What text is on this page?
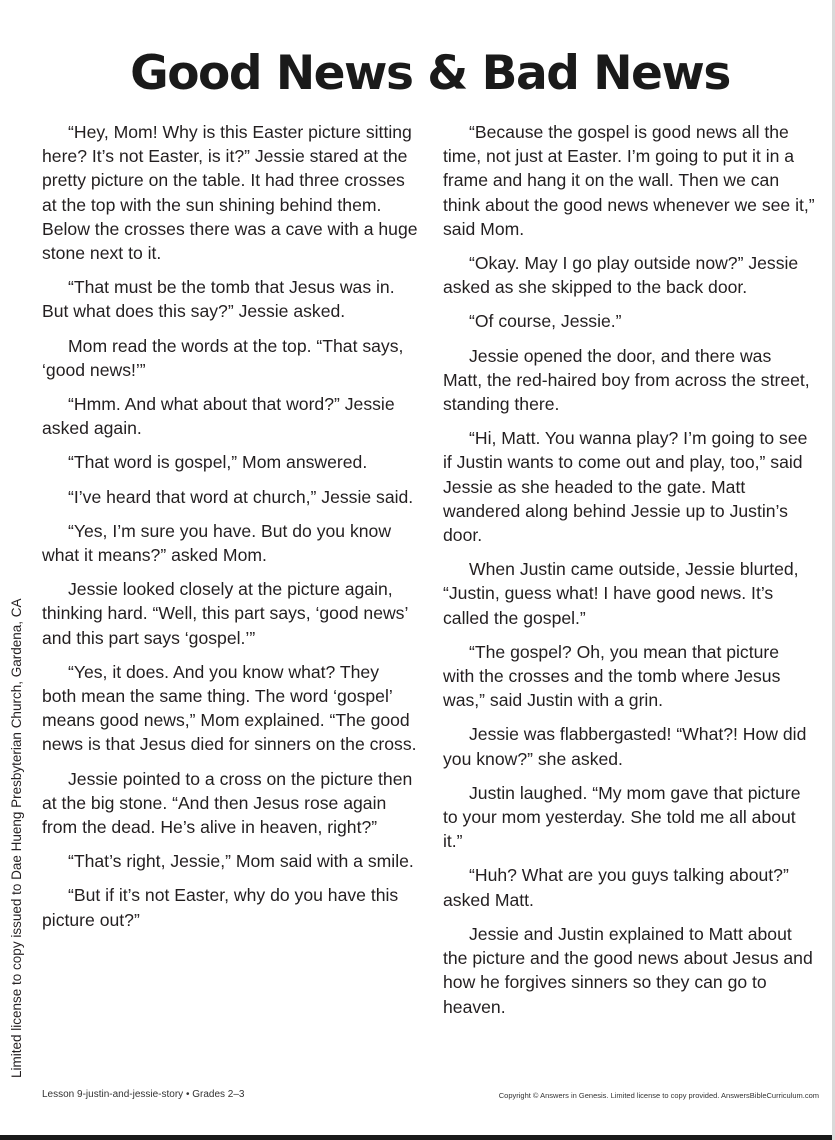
Good News & Bad News

“Hey, Mom! Why is this Easter picture sitting here? It’s not Easter, is it?” Jessie stared at the pretty picture on the table. It had three crosses at the top with the sun shining behind them. Below the crosses there was a cave with a huge stone next to it.

“That must be the tomb that Jesus was in. But what does this say?” Jessie asked.

Mom read the words at the top. “That says, ‘good news!’”

“Hmm. And what about that word?” Jessie asked again.

“That word is gospel,” Mom answered.

“I’ve heard that word at church,” Jessie said.

“Yes, I’m sure you have. But do you know what it means?” asked Mom.

Jessie looked closely at the picture again, thinking hard. “Well, this part says, ‘good news’ and this part says ‘gospel.’”

“Yes, it does. And you know what? They both mean the same thing. The word ‘gospel’ means good news,” Mom explained. “The good news is that Jesus died for sinners on the cross.

Jessie pointed to a cross on the picture then at the big stone. “And then Jesus rose again from the dead. He’s alive in heaven, right?”

“That’s right, Jessie,” Mom said with a smile.

“But if it’s not Easter, why do you have this picture out?”

“Because the gospel is good news all the time, not just at Easter. I’m going to put it in a frame and hang it on the wall. Then we can think about the good news whenever we see it,” said Mom.

“Okay. May I go play outside now?” Jessie asked as she skipped to the back door.

“Of course, Jessie.”

Jessie opened the door, and there was Matt, the red-haired boy from across the street, standing there.

“Hi, Matt. You wanna play? I’m going to see if Justin wants to come out and play, too,” said Jessie as she headed to the gate. Matt wandered along behind Jessie up to Justin’s door.

When Justin came outside, Jessie blurted, “Justin, guess what! I have good news. It’s called the gospel.”

“The gospel? Oh, you mean that picture with the crosses and the tomb where Jesus was,” said Justin with a grin.

Jessie was flabbergasted! “What?! How did you know?” she asked.

Justin laughed. “My mom gave that picture to your mom yesterday. She told me all about it.”

“Huh? What are you guys talking about?” asked Matt.

Jessie and Justin explained to Matt about the picture and the good news about Jesus and how he forgives sinners so they can go to heaven.

Limited license to copy issued to Dae Hueng Presbyterian Church, Gardena, CA
Lesson 9-justin-and-jessie-story • Grades 2–3	Copyright © Answers in Genesis. Limited license to copy provided. AnswersBibleCurriculum.com
